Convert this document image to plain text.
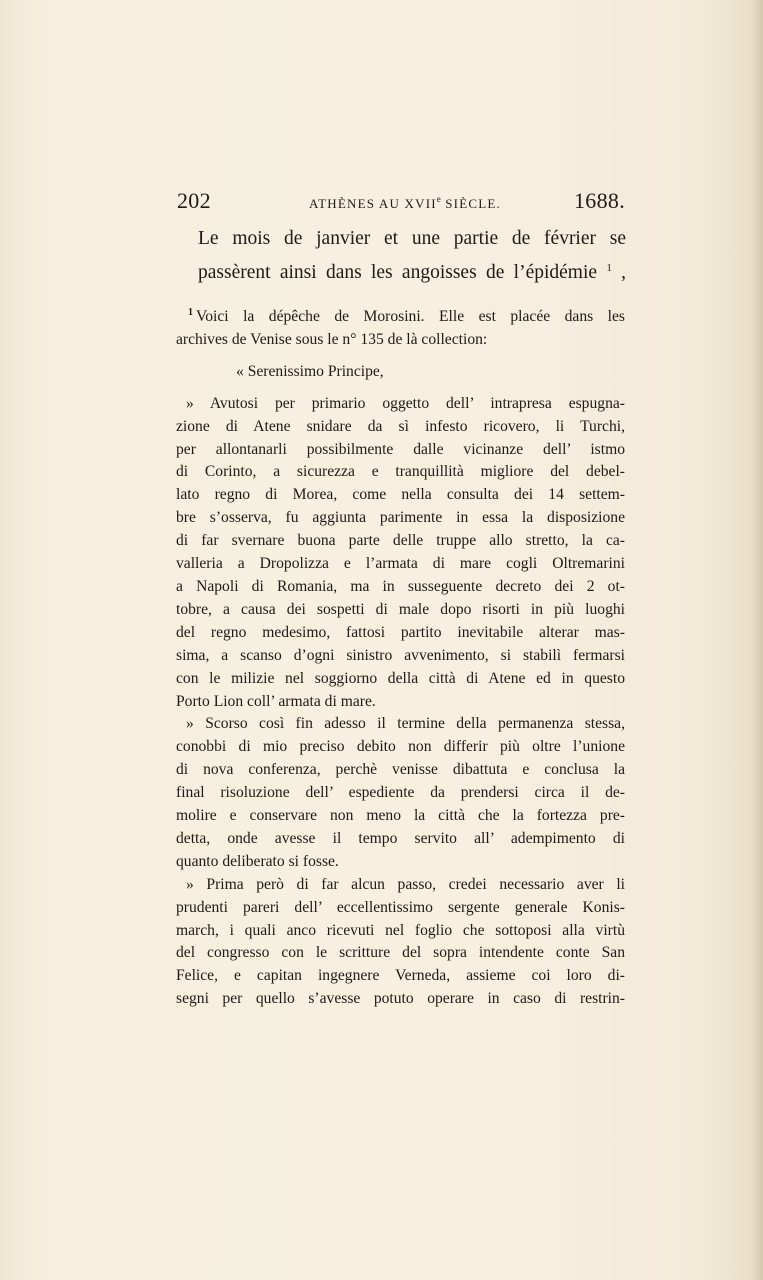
202	ATHÈNES AU XVIIe SIÈCLE.	1688.
Le mois de janvier et une partie de février se
passèrent ainsi dans les angoisses de l’épidémie $^1$ ,
$^1$ Voici la dépêche de Morosini. Elle est placée dans les
archives de Venise sous le n° 135 de là collection:
« Serenissimo Principe,
» Avutosi per primario oggetto dell’ intrapresa espugna-
zione di Atene snidare da sì infesto ricovero, li Turchi,
per allontanarli possibilmente dalle vicinanze dell’ istmo
di Corinto, a sicurezza e tranquillità migliore del debel-
lato regno di Morea, come nella consulta dei 14 settem-
bre s’osserva, fu aggiunta parimente in essa la disposizione
di far svernare buona parte delle truppe allo stretto, la ca-
valleria a Dropolizza e l’armata di mare cogli Oltremarini
a Napoli di Romania, ma in susseguente decreto dei 2 ot-
tobre, a causa dei sospetti di male dopo risorti in più luoghi
del regno medesimo, fattosi partito inevitabile alterar mas-
sima, a scanso d’ogni sinistro avvenimento, si stabilì fermarsi
con le milizie nel soggiorno della città di Atene ed in questo
Porto Lion coll’ armata di mare.
» Scorso così fin adesso il termine della permanenza stessa,
conobbi di mio preciso debito non differir più oltre l’unione
di nova conferenza, perchè venisse dibattuta e conclusa la
final risoluzione dell’ espediente da prendersi circa il de-
molire e conservare non meno la città che la fortezza pre-
detta, onde avesse il tempo servito all’ adempimento di
quanto deliberato si fosse.
» Prima però di far alcun passo, credei necessario aver li
prudenti pareri dell’ eccellentissimo sergente generale Konis-
march, i quali anco ricevuti nel foglio che sottoposi alla virtù
del congresso con le scritture del sopra intendente conte San
Felice, e capitan ingegnere Verneda, assieme coi loro di-
segni per quello s’avesse potuto operare in caso di restrin-
